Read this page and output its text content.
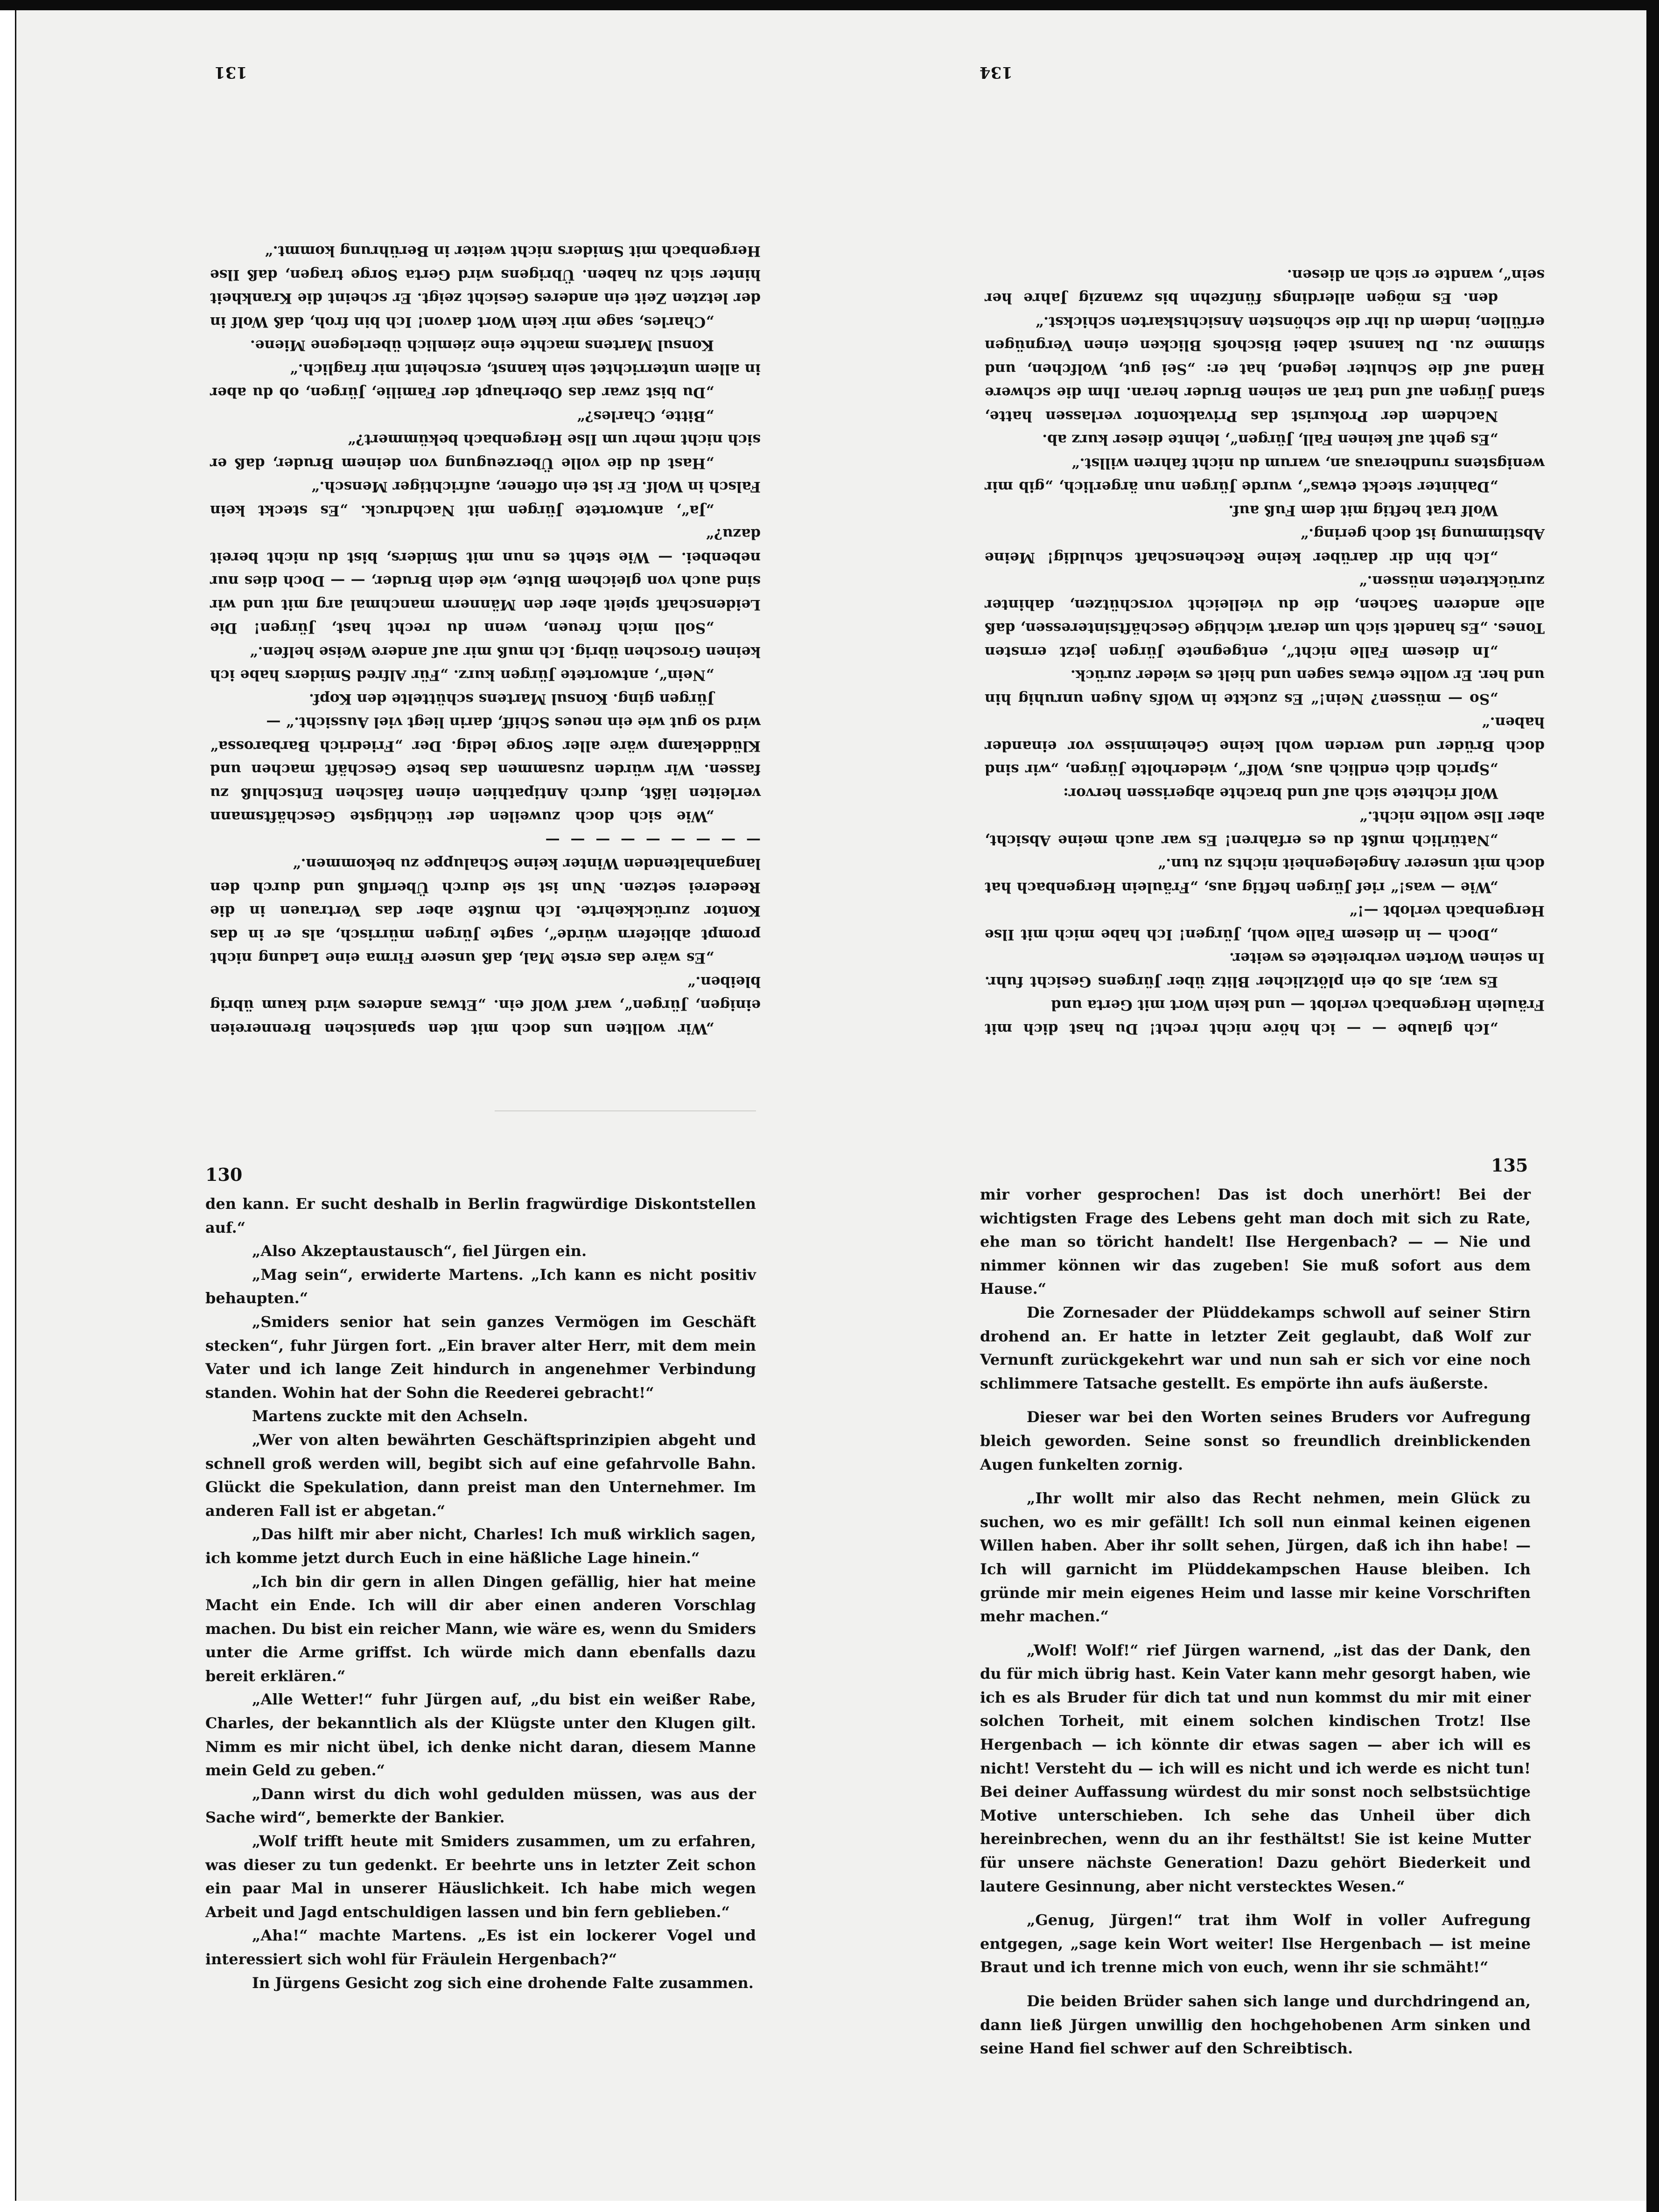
131

„Wir wollten uns doch mit den spanischen Brennereien einigen, Jürgen“, warf Wolf ein. „Etwas anderes wird kaum übrig bleiben.“

„Es wäre das erste Mal, daß unsere Firma eine Ladung nicht prompt abliefern würde“, sagte Jürgen mürrisch, als er in das Kontor zurückkehrte. Ich mußte aber das Vertrauen in die Reederei setzen. Nun ist sie durch Überfluß und durch den langanhaltenden Winter keine Schaluppe zu bekommen.“

— — — — — — — — —

„Wie sich doch zuweilen der tüchtigste Geschäftsmann verleiten läßt, durch Antipathien einen falschen Entschluß zu fassen. Wir würden zusammen das beste Geschäft machen und Klüddekamp wäre aller Sorge ledig. Der „Friedrich Barbarossa“ wird so gut wie ein neues Schiff, darin liegt viel Aussicht.“ —

Jürgen ging. Konsul Martens schüttelte den Kopf.

„Nein“, antwortete Jürgen kurz. „Für Alfred Smiders habe ich keinen Groschen übrig. Ich muß mir auf andere Weise helfen.“

„Soll mich freuen, wenn du recht hast, Jürgen! Die Leidenschaft spielt aber den Männern manchmal arg mit und wir sind auch von gleichem Blute, wie dein Bruder, — — Doch dies nur nebenbei. — Wie steht es nun mit Smiders, bist du nicht bereit dazu?“

„Ja“, antwortete Jürgen mit Nachdruck. „Es steckt kein Falsch in Wolf. Er ist ein offener, aufrichtiger Mensch.“

„Hast du die volle Überzeugung von deinem Bruder, daß er sich nicht mehr um Ilse Hergenbach bekümmert?“

„Bitte, Charles?“

„Du bist zwar das Oberhaupt der Familie, Jürgen, ob du aber in allem unterrichtet sein kannst, erscheint mir fraglich.“

Konsul Martens machte eine ziemlich überlegene Miene.

„Charles, sage mir kein Wort davon! Ich bin froh, daß Wolf in der letzten Zeit ein anderes Gesicht zeigt. Er scheint die Krankheit hinter sich zu haben. Übrigens wird Gerta Sorge tragen, daß Ilse Hergenbach mit Smiders nicht weiter in Berührung kommt.“

134

„Ich glaube — — ich höre nicht recht! Du hast dich mit Fräulein Hergenbach verlobt — und kein Wort mit Gerta und

Es war, als ob ein plötzlicher Blitz über Jürgens Gesicht fuhr. In seinen Worten verbreitete es weiter.

„Doch — in diesem Falle wohl, Jürgen! Ich habe mich mit Ilse Hergenbach verlobt —!“

„Wie — was!“ rief Jürgen heftig aus, „Fräulein Hergenbach hat doch mit unserer Angelegenheit nichts zu tun.“

„Natürlich mußt du es erfahren! Es war auch meine Absicht, aber Ilse wollte nicht.“

Wolf richtete sich auf und brachte abgerissen hervor:

„Sprich dich endlich aus, Wolf“, wiederholte Jürgen, „wir sind doch Brüder und werden wohl keine Geheimnisse vor einander haben.“

„So — müssen? Nein!“ Es zuckte in Wolfs Augen unruhig hin und her. Er wollte etwas sagen und hielt es wieder zurück.

„In diesem Falle nicht“, entgegnete Jürgen jetzt ernsten Tones. „Es handelt sich um derart wichtige Geschäftsinteressen, daß alle anderen Sachen, die du vielleicht vorschützen, dahinter zurücktreten müssen.“

„Ich bin dir darüber keine Rechenschaft schuldig! Meine Abstimmung ist doch gering.“

Wolf trat heftig mit dem Fuß auf.

„Dahinter steckt etwas“, wurde Jürgen nun ärgerlich, „gib mir wenigstens rundheraus an, warum du nicht fahren willst.“

„Es geht auf keinen Fall, Jürgen“, lehnte dieser kurz ab.

Nachdem der Prokurist das Privatkontor verlassen hatte, stand Jürgen auf und trat an seinen Bruder heran. Ihm die schwere Hand auf die Schulter legend, hat er: „Sei gut, Wolfchen, und stimme zu. Du kannst dabei Bischofs Blicken einen Vergnügen erfüllen, indem du ihr die schönsten Ansichtskarten schickst.“

den. Es mögen allerdings fünfzehn bis zwanzig Jahre her sein“, wandte er sich an diesen.

130

den kann. Er sucht deshalb in Berlin fragwürdige Diskontstellen auf.“

„Also Akzeptaustausch“, fiel Jürgen ein.

„Mag sein“, erwiderte Martens. „Ich kann es nicht positiv behaupten.“

„Smiders senior hat sein ganzes Vermögen im Geschäft stecken“, fuhr Jürgen fort. „Ein braver alter Herr, mit dem mein Vater und ich lange Zeit hindurch in angenehmer Verbindung standen. Wohin hat der Sohn die Reederei gebracht!“

Martens zuckte mit den Achseln.

„Wer von alten bewährten Geschäftsprinzipien abgeht und schnell groß werden will, begibt sich auf eine gefahrvolle Bahn. Glückt die Spekulation, dann preist man den Unternehmer. Im anderen Fall ist er abgetan.“

„Das hilft mir aber nicht, Charles! Ich muß wirklich sagen, ich komme jetzt durch Euch in eine häßliche Lage hinein.“

„Ich bin dir gern in allen Dingen gefällig, hier hat meine Macht ein Ende. Ich will dir aber einen anderen Vorschlag machen. Du bist ein reicher Mann, wie wäre es, wenn du Smiders unter die Arme griffst. Ich würde mich dann ebenfalls dazu bereit erklären.“

„Alle Wetter!“ fuhr Jürgen auf, „du bist ein weißer Rabe, Charles, der bekanntlich als der Klügste unter den Klugen gilt. Nimm es mir nicht übel, ich denke nicht daran, diesem Manne mein Geld zu geben.“

„Dann wirst du dich wohl gedulden müssen, was aus der Sache wird“, bemerkte der Bankier.

„Wolf trifft heute mit Smiders zusammen, um zu erfahren, was dieser zu tun gedenkt. Er beehrte uns in letzter Zeit schon ein paar Mal in unserer Häuslichkeit. Ich habe mich wegen Arbeit und Jagd entschuldigen lassen und bin fern geblieben.“

„Aha!“ machte Martens. „Es ist ein lockerer Vogel und interessiert sich wohl für Fräulein Hergenbach?“

In Jürgens Gesicht zog sich eine drohende Falte zusammen.

135

mir vorher gesprochen! Das ist doch unerhört! Bei der wichtigsten Frage des Lebens geht man doch mit sich zu Rate, ehe man so töricht handelt! Ilse Hergenbach? — — Nie und nimmer können wir das zugeben! Sie muß sofort aus dem Hause.“

Die Zornesader der Plüddekamps schwoll auf seiner Stirn drohend an. Er hatte in letzter Zeit geglaubt, daß Wolf zur Vernunft zurückgekehrt war und nun sah er sich vor eine noch schlimmere Tatsache gestellt. Es empörte ihn aufs äußerste.

Dieser war bei den Worten seines Bruders vor Aufregung bleich geworden. Seine sonst so freundlich dreinblickenden Augen funkelten zornig.

„Ihr wollt mir also das Recht nehmen, mein Glück zu suchen, wo es mir gefällt! Ich soll nun einmal keinen eigenen Willen haben. Aber ihr sollt sehen, Jürgen, daß ich ihn habe! — Ich will garnicht im Plüddekampschen Hause bleiben. Ich gründe mir mein eigenes Heim und lasse mir keine Vorschriften mehr machen.“

„Wolf! Wolf!“ rief Jürgen warnend, „ist das der Dank, den du für mich übrig hast. Kein Vater kann mehr gesorgt haben, wie ich es als Bruder für dich tat und nun kommst du mir mit einer solchen Torheit, mit einem solchen kindischen Trotz! Ilse Hergenbach — ich könnte dir etwas sagen — aber ich will es nicht! Versteht du — ich will es nicht und ich werde es nicht tun! Bei deiner Auffassung würdest du mir sonst noch selbstsüchtige Motive unterschieben. Ich sehe das Unheil über dich hereinbrechen, wenn du an ihr festhältst! Sie ist keine Mutter für unsere nächste Generation! Dazu gehört Biederkeit und lautere Gesinnung, aber nicht verstecktes Wesen.“

„Genug, Jürgen!“ trat ihm Wolf in voller Aufregung entgegen, „sage kein Wort weiter! Ilse Hergenbach — ist meine Braut und ich trenne mich von euch, wenn ihr sie schmäht!“

Die beiden Brüder sahen sich lange und durchdringend an, dann ließ Jürgen unwillig den hochgehobenen Arm sinken und seine Hand fiel schwer auf den Schreibtisch.
